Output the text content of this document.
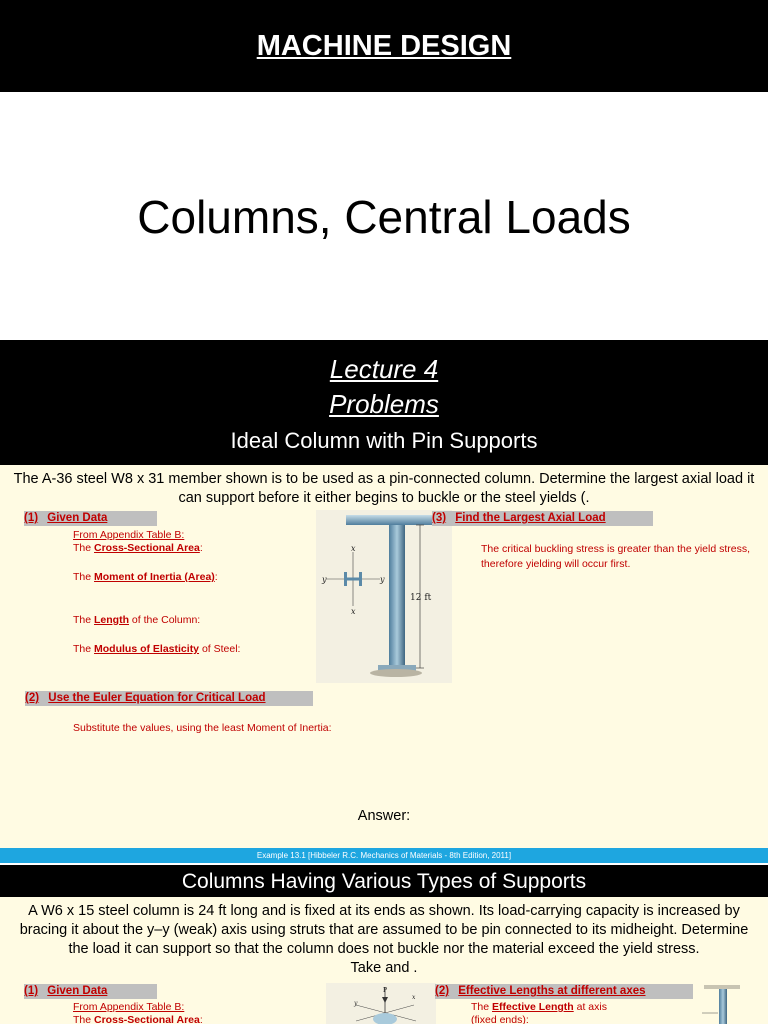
MACHINE DESIGN
Columns, Central Loads
Lecture 4
Problems
Ideal Column with Pin Supports
The A-36 steel W8 x 31 member shown is to be used as a pin-connected column. Determine the largest axial load it can support before it either begins to buckle or the steel yields (.
(1) Given Data
From Appendix Table B:
The Cross-Sectional Area:
The Moment of Inertia (Area):
The Length of the Column:
The Modulus of Elasticity of Steel:
(2) Use the Euler Equation for Critical Load
Substitute the values, using the least Moment of Inertia:
12 ft
y	y
x
x
(3) Find the Largest Axial Load
The critical buckling stress is greater than the yield stress, therefore yielding will occur first.
Answer:
Example 13.1 [Hibbeler R.C. Mechanics of Materials - 8th Edition, 2011]
Columns Having Various Types of Supports
A W6 x 15 steel column is 24 ft long and is fixed at its ends as shown. Its load-carrying capacity is increased by bracing it about the y–y (weak) axis using struts that are assumed to be pin connected to its midheight. Determine the load it can support so that the column does not buckle nor the material exceed the yield stress.
Take and .
(1) Given Data
From Appendix Table B:
The Cross-Sectional Area:
P
y
x
(2) Effective Lengths at different axes
The Effective Length at axis
(fixed ends):
